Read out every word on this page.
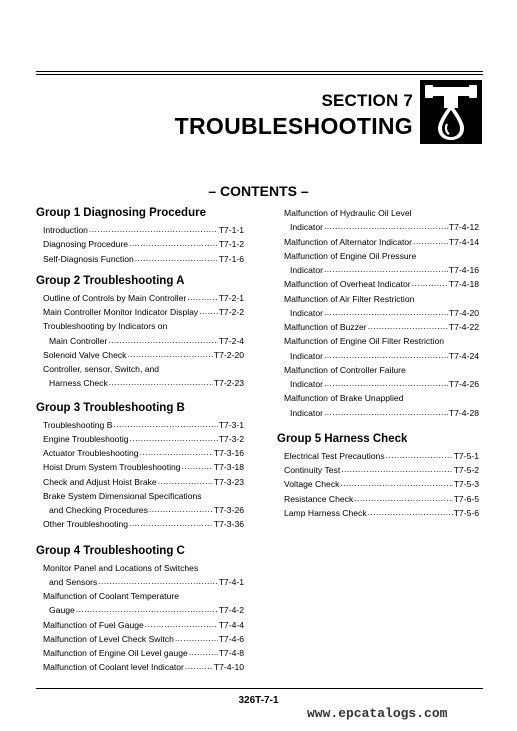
SECTION 7
TROUBLESHOOTING
– CONTENTS –
Group 1 Diagnosing Procedure
Introduction .....	T7-1-1
Diagnosing Procedure .....	T7-1-2
Self-Diagnosis Function .....	T7-1-6
Group 2 Troubleshooting A
Outline of Controls by Main Controller .....	T7-2-1
Main Controller Monitor Indicator Display ..... T7-2-2
Troubleshooting by Indicators on
Main Controller .....	T7-2-4
Solenoid Valve Check .....	T7-2-20
Controller, sensor, Switch, and
Harness Check .....	T7-2-23
Group 3 Troubleshooting B
Troubleshooting B .....	T7-3-1
Engine Troubleshootig .....	T7-3-2
Actuator Troubleshooting .....	T7-3-16
Hoist Drum System Troubleshooting .....	T7-3-18
Check and Adjust Hoist Brake .....	T7-3-23
Brake System Dimensional Specifications
and Checking Procedures .....	T7-3-26
Other Troubleshooting .....	T7-3-36
Group 4 Troubleshooting C
Monitor Panel and Locations of Switches
and Sensors .....	T7-4-1
Malfunction of Coolant Temperature
Gauge .....	T7-4-2
Malfunction of Fuel Gauge .....	T7-4-4
Malfunction of Level Check Switch .....	T7-4-6
Malfunction of Engine Oil Level gauge .....	T7-4-8
Malfunction of Coolant level Indicator .....	T7-4-10
Malfunction of Hydraulic Oil Level
Indicator .....	T7-4-12
Malfunction of Alternator Indicator .....	T7-4-14
Malfunction of Engine Oil Pressure
Indicator .....	T7-4-16
Malfunction of Overheat Indicator .....	T7-4-18
Malfunction of Air Filter Restriction
Indicator .....	T7-4-20
Malfunction of Buzzer .....	T7-4-22
Malfunction of Engine Oil Filter Restriction
Indicator .....	T7-4-24
Malfunction of Controller Failure
Indicator .....	T7-4-26
Malfunction of Brake Unapplied
Indicator .....	T7-4-28
Group 5 Harness Check
Electrical Test Precautions .....	T7-5-1
Continuity Test .....	T7-5-2
Voltage Check .....	T7-5-3
Resistance Check .....	T7-6-5
Lamp Harness Check .....	T7-5-6
326T-7-1
www.epcatalogs.com
